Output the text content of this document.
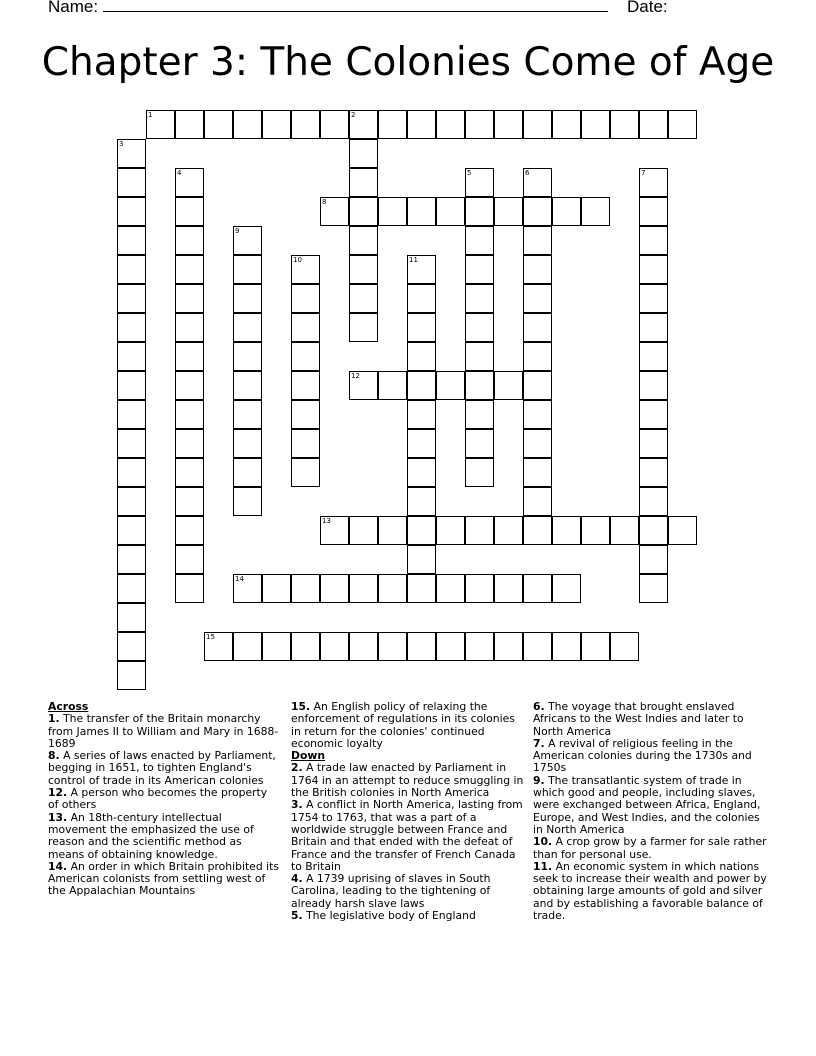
Name:	Date:
Chapter 3: The Colonies Come of Age
1	2
3
4	5	6	7
8
9
10	11
12
13
14
15
Across
1. The transfer of the Britain monarchy from James II to William and Mary in 1688-1689
8. A series of laws enacted by Parliament, begging in 1651, to tighten England's control of trade in its American colonies
12. A person who becomes the property of others
13. An 18th-century intellectual movement the emphasized the use of reason and the scientific method as means of obtaining knowledge.
14. An order in which Britain prohibited its American colonists from settling west of the Appalachian Mountains
15. An English policy of relaxing the enforcement of regulations in its colonies in return for the colonies' continued economic loyalty
Down
2. A trade law enacted by Parliament in 1764 in an attempt to reduce smuggling in the British colonies in North America
3. A conflict in North America, lasting from 1754 to 1763, that was a part of a worldwide struggle between France and Britain and that ended with the defeat of France and the transfer of French Canada to Britain
4. A 1739 uprising of slaves in South Carolina, leading to the tightening of already harsh slave laws
5. The legislative body of England
6. The voyage that brought enslaved Africans to the West Indies and later to North America
7. A revival of religious feeling in the American colonies during the 1730s and 1750s
9. The transatlantic system of trade in which good and people, including slaves, were exchanged between Africa, England, Europe, and West Indies, and the colonies in North America
10. A crop grow by a farmer for sale rather than for personal use.
11. An economic system in which nations seek to increase their wealth and power by obtaining large amounts of gold and silver and by establishing a favorable balance of trade.
